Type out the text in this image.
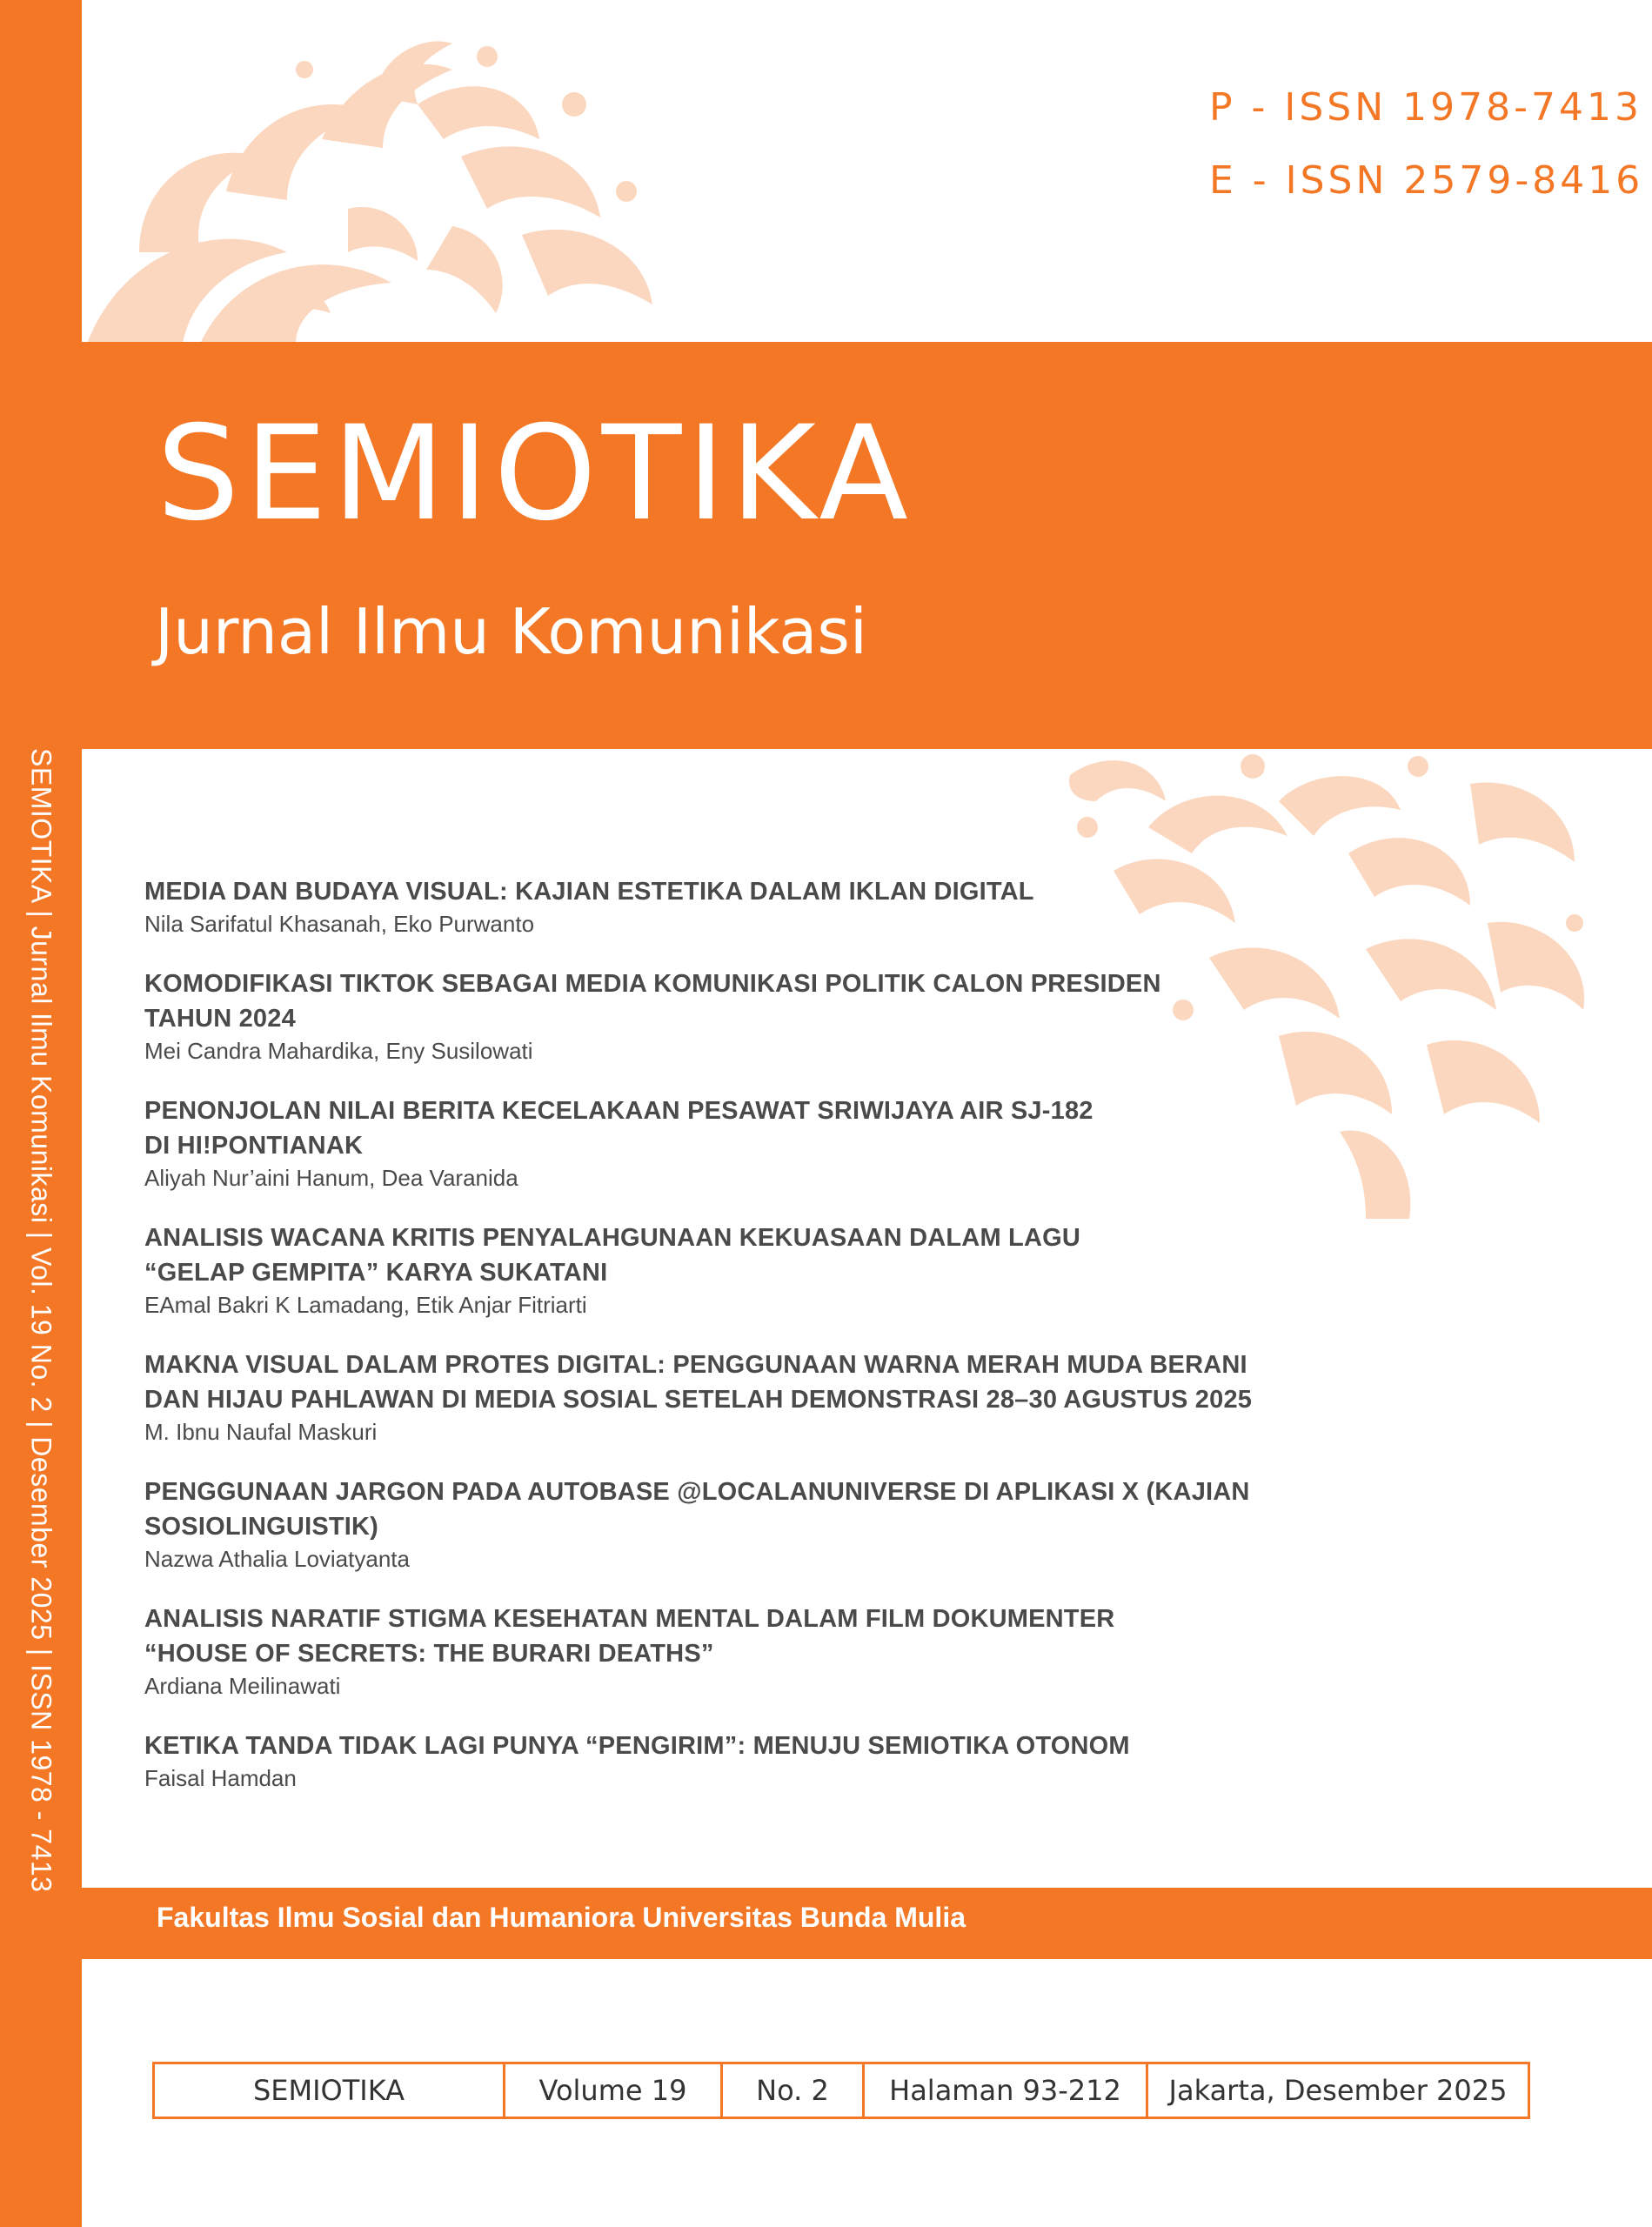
SEMIOTIKA | Jurnal Ilmu Komunikasi | Vol. 19 No. 2 | Desember 2025 | ISSN 1978 - 7413
P - ISSN 1978-7413
E - ISSN 2579-8416
SEMIOTIKA
Jurnal Ilmu Komunikasi
MEDIA DAN BUDAYA VISUAL: KAJIAN ESTETIKA DALAM IKLAN DIGITAL
Nila Sarifatul Khasanah, Eko Purwanto
KOMODIFIKASI TIKTOK SEBAGAI MEDIA KOMUNIKASI POLITIK CALON PRESIDEN
TAHUN 2024
Mei Candra Mahardika, Eny Susilowati
PENONJOLAN NILAI BERITA KECELAKAAN PESAWAT SRIWIJAYA AIR SJ-182
DI HI!PONTIANAK
Aliyah Nur’aini Hanum, Dea Varanida
ANALISIS WACANA KRITIS PENYALAHGUNAAN KEKUASAAN DALAM LAGU
“GELAP GEMPITA” KARYA SUKATANI
EAmal Bakri K Lamadang, Etik Anjar Fitriarti
MAKNA VISUAL DALAM PROTES DIGITAL: PENGGUNAAN WARNA MERAH MUDA BERANI
DAN HIJAU PAHLAWAN DI MEDIA SOSIAL SETELAH DEMONSTRASI 28–30 AGUSTUS 2025
M. Ibnu Naufal Maskuri
PENGGUNAAN JARGON PADA AUTOBASE @LOCALANUNIVERSE DI APLIKASI X (KAJIAN SOSIOLINGUISTIK)
Nazwa Athalia Loviatyanta
ANALISIS NARATIF STIGMA KESEHATAN MENTAL DALAM FILM DOKUMENTER
“HOUSE OF SECRETS: THE BURARI DEATHS”
Ardiana Meilinawati
KETIKA TANDA TIDAK LAGI PUNYA “PENGIRIM”: MENUJU SEMIOTIKA OTONOM
Faisal Hamdan
Fakultas Ilmu Sosial dan Humaniora Universitas Bunda Mulia
SEMIOTIKA	Volume 19	No. 2	Halaman 93-212	Jakarta, Desember 2025
